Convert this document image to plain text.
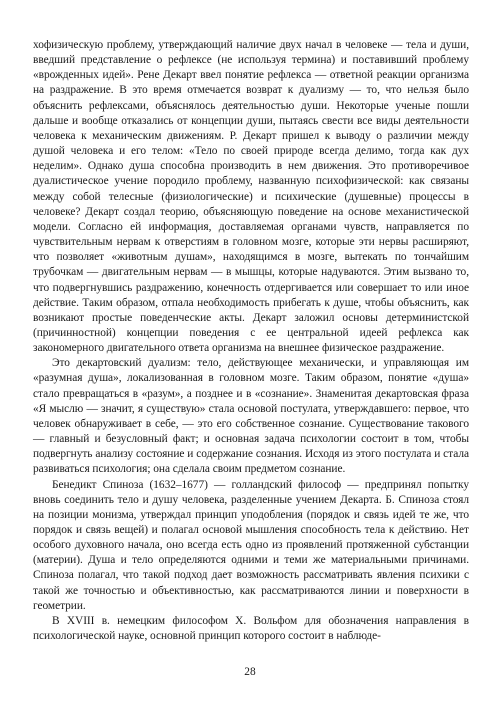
хофизическую проблему, утверждающий наличие двух начал в человеке — тела и души, введший представление о рефлексе (не используя термина) и поставивший проблему «врожденных идей». Рене Декарт ввел понятие рефлекса — ответной реакции организма на раздражение. В это время отмечается возврат к дуализму — то, что нельзя было объяснить рефлексами, объяснялось деятельностью души. Некоторые ученые пошли дальше и вообще отказались от концепции души, пытаясь свести все виды деятельности человека к механическим движениям. Р. Декарт пришел к выводу о различии между душой человека и его телом: «Тело по своей природе всегда делимо, тогда как дух неделим». Однако душа способна производить в нем движения. Это противоречивое дуалистическое учение породило проблему, названную психофизической: как связаны между собой телесные (физиологические) и психические (душевные) процессы в человеке? Декарт создал теорию, объясняющую поведение на основе механистической модели. Согласно ей информация, доставляемая органами чувств, направляется по чувствительным нервам к отверстиям в головном мозге, которые эти нервы расширяют, что позволяет «животным душам», находящимся в мозге, вытекать по тончайшим трубочкам — двигательным нервам — в мышцы, которые надуваются. Этим вызвано то, что подвергнувшись раздражению, конечность отдергивается или совершает то или иное действие. Таким образом, отпала необходимость прибегать к душе, чтобы объяснить, как возникают простые поведенческие акты. Декарт заложил основы детерминистской (причинностной) концепции поведения с ее центральной идеей рефлекса как закономерного двигательного ответа организма на внешнее физическое раздражение.

Это декартовский дуализм: тело, действующее механически, и управляющая им «разумная душа», локализованная в головном мозге. Таким образом, понятие «душа» стало превращаться в «разум», а позднее и в «сознание». Знаменитая декартовская фраза «Я мыслю — значит, я существую» стала основой постулата, утверждавшего: первое, что человек обнаруживает в себе, — это его собственное сознание. Существование такового — главный и безусловный факт; и основная задача психологии состоит в том, чтобы подвергнуть анализу состояние и содержание сознания. Исходя из этого постулата и стала развиваться психология; она сделала своим предметом сознание.

Бенедикт Спиноза (1632–1677) — голландский философ — предпринял попытку вновь соединить тело и душу человека, разделенные учением Декарта. Б. Спиноза стоял на позиции монизма, утверждал принцип уподобления (порядок и связь идей те же, что порядок и связь вещей) и полагал основой мышления способность тела к действию. Нет особого духовного начала, оно всегда есть одно из проявлений протяженной субстанции (материи). Душа и тело определяются одними и теми же материальными причинами. Спиноза полагал, что такой подход дает возможность рассматривать явления психики с такой же точностью и объективностью, как рассматриваются линии и поверхности в геометрии.

В XVIII в. немецким философом Х. Вольфом для обозначения направления в психологической науке, основной принцип которого состоит в наблюде-

28
